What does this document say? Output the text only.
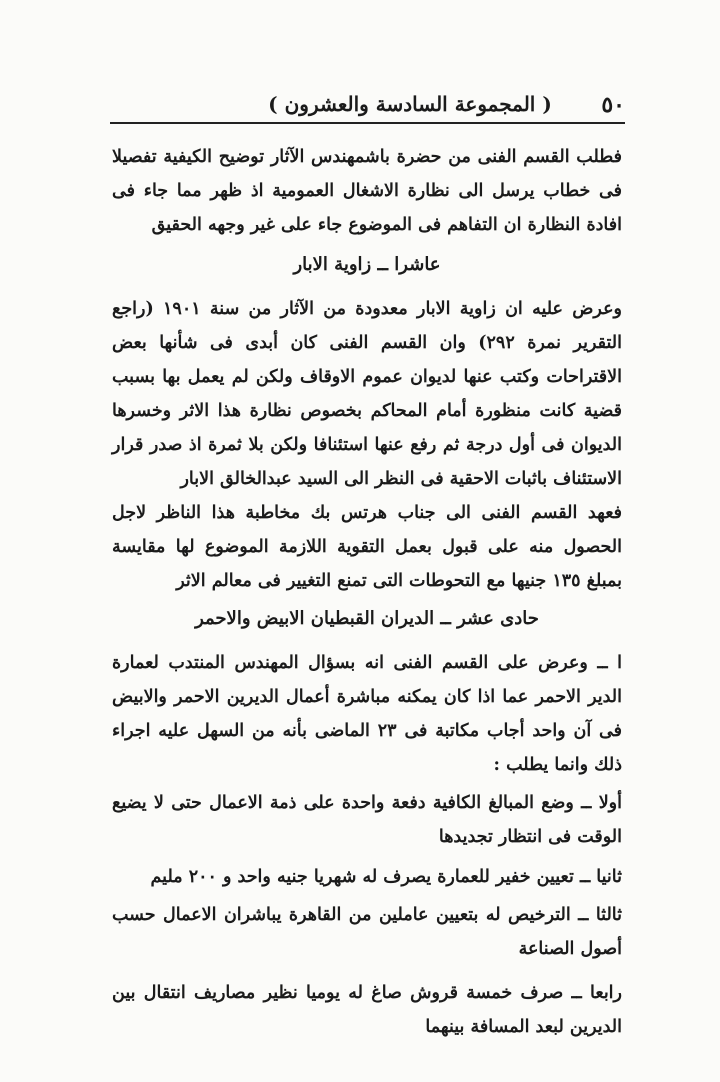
٥٠
( المجموعة السادسة والعشرون )

فطلب القسم الفنى من حضرة باشمهندس الآثار توضيح الكيفية تفصيلا فى خطاب يرسل الى نظارة الاشغال العمومية اذ ظهر مما جاء فى افادة النظارة ان التفاهم فى الموضوع جاء على غير وجهه الحقيق

عاشرا ــ زاوية الابار

وعرض عليه ان زاوية الابار معدودة من الآثار من سنة ١٩٠١ (راجع التقرير نمرة ٢٩٢) وان القسم الفنى كان أبدى فى شأنها بعض الاقتراحات وكتب عنها لديوان عموم الاوقاف ولكن لم يعمل بها بسبب قضية كانت منظورة أمام المحاكم بخصوص نظارة هذا الاثر وخسرها الديوان فى أول درجة ثم رفع عنها استئنافا ولكن بلا ثمرة اذ صدر قرار الاستئناف باثبات الاحقية فى النظر الى السيد عبدالخالق الابار

فعهد القسم الفنى الى جناب هرتس بك مخاطبة هذا الناظر لاجل الحصول منه على قبول بعمل التقوية اللازمة الموضوع لها مقايسة بمبلغ ١٣٥ جنيها مع التحوطات التى تمنع التغيير فى معالم الاثر

حادى عشر ــ الديران القبطيان الابيض والاحمر

ا ــ وعرض على القسم الفنى انه بسؤال المهندس المنتدب لعمارة الدير الاحمر عما اذا كان يمكنه مباشرة أعمال الديرين الاحمر والابيض فى آن واحد أجاب مكاتبة فى ٢٣ الماضى بأنه من السهل عليه اجراء ذلك وانما يطلب :

أولا ــ وضع المبالغ الكافية دفعة واحدة على ذمة الاعمال حتى لا يضيع الوقت فى انتظار تجديدها

ثانيا ــ تعيين خفير للعمارة يصرف له شهريا جنيه واحد و ٢٠٠ مليم

ثالثا ــ الترخيص له بتعيين عاملين من القاهرة يباشران الاعمال حسب أصول الصناعة

رابعا ــ صرف خمسة قروش صاغ له يوميا نظير مصاريف انتقال بين الديرين لبعد المسافة بينهما
